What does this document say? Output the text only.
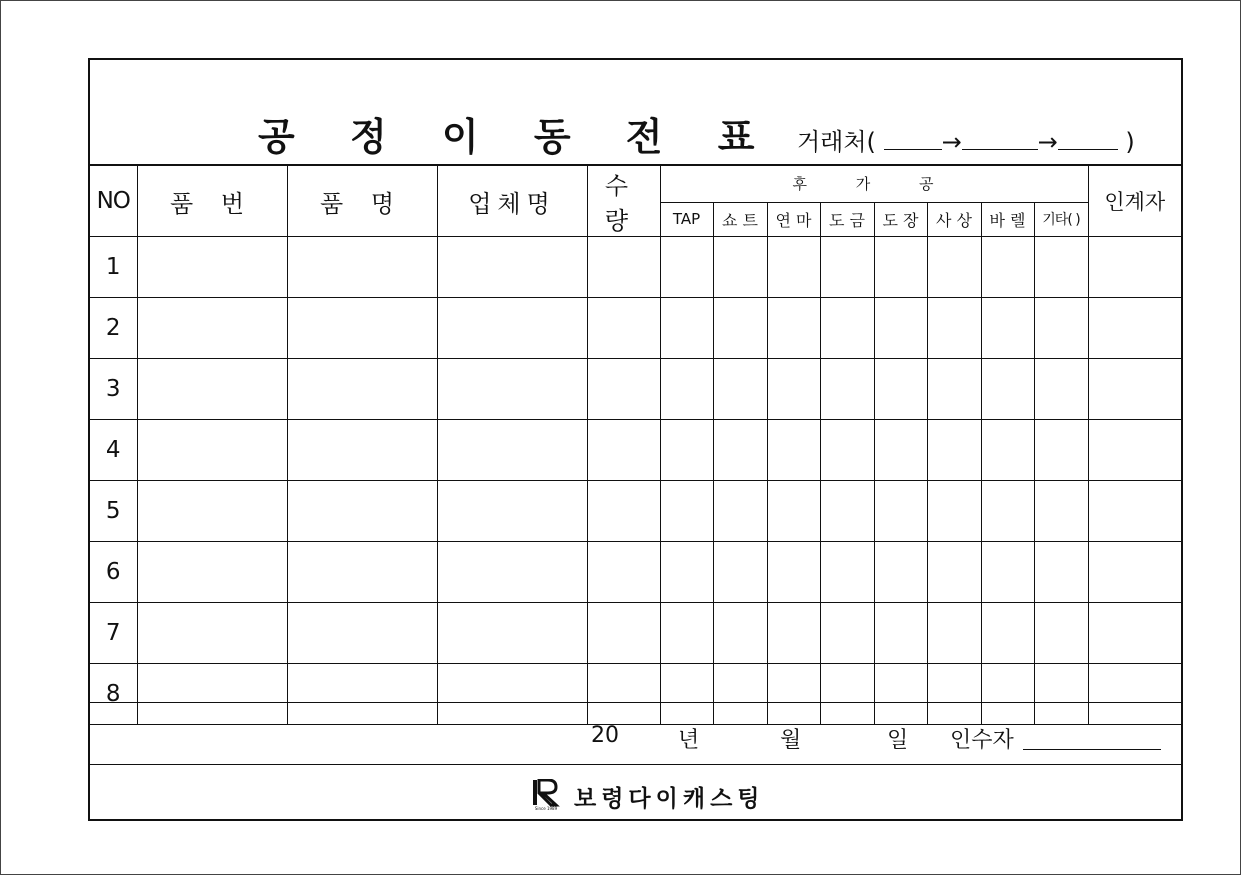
공 정 이 동 전 표 거래처(	→	→	)
NO	품 번	품 명	업체명	수 량	후 가 공								인계자
					TAP	쇼 트	연 마	도 금	도 장	사 상	바 렐	기타( )	
1													
2													
3													
4													
5													
6													
7													
8													
20	년	월	일 인수자
Since 1989 보령다이캐스팅
